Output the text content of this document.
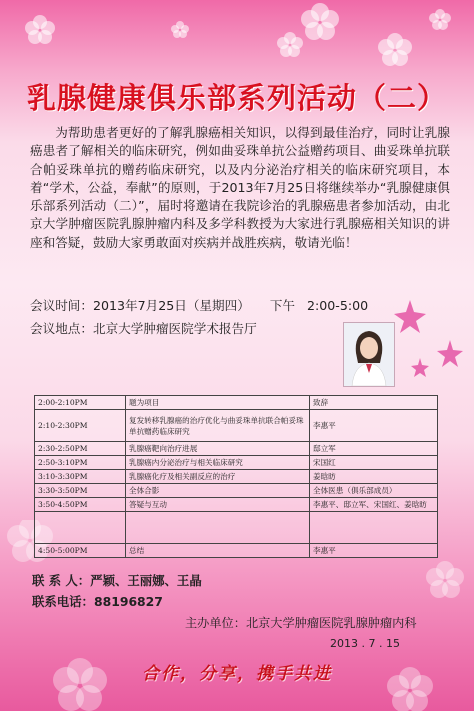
乳腺健康俱乐部系列活动（二）
为帮助患者更好的了解乳腺癌相关知识，以得到最佳治疗，同时让乳腺癌患者了解相关的临床研究，例如曲妥珠单抗公益赠药项目、曲妥珠单抗联合帕妥珠单抗的赠药临床研究，以及内分泌治疗相关的临床研究项目，本着“学术，公益，奉献”的原则，于2013年7月25日将继续举办“乳腺健康俱乐部系列活动（二）”，届时将邀请在我院诊治的乳腺癌患者参加活动，由北京大学肿瘤医院乳腺肿瘤内科及多学科教授为大家进行乳腺癌相关知识的讲座和答疑，鼓励大家勇敢面对疾病并战胜疾病，敬请光临！
会议时间：2013年7月25日（星期四）     下午   2:00-5:00
会议地点：北京大学肿瘤医院学术报告厅
2:00-2:10PM	题为项目	致辞
2:10-2:30PM	复发转移乳腺癌的治疗优化与曲妥珠单抗联合帕妥珠单抗赠药临床研究	李惠平
2:30-2:50PM	乳腺癌靶向治疗进展	邸立军
2:50-3:10PM	乳腺癌内分泌治疗与相关临床研究	宋国红
3:10-3:30PM	乳腺癌化疗及相关副反应的治疗	姜晗昉
3:30-3:50PM	全体合影	全体医患（俱乐部成员）
3:50-4:50PM	答疑与互动	李惠平、邸立军、宋国红、姜晗昉

4:50-5:00PM	总结	李惠平
联 系 人：严颖、王丽娜、王晶
联系电话：88196827
主办单位：北京大学肿瘤医院乳腺肿瘤内科
2013 . 7 . 15
合作，分享，携手共进
